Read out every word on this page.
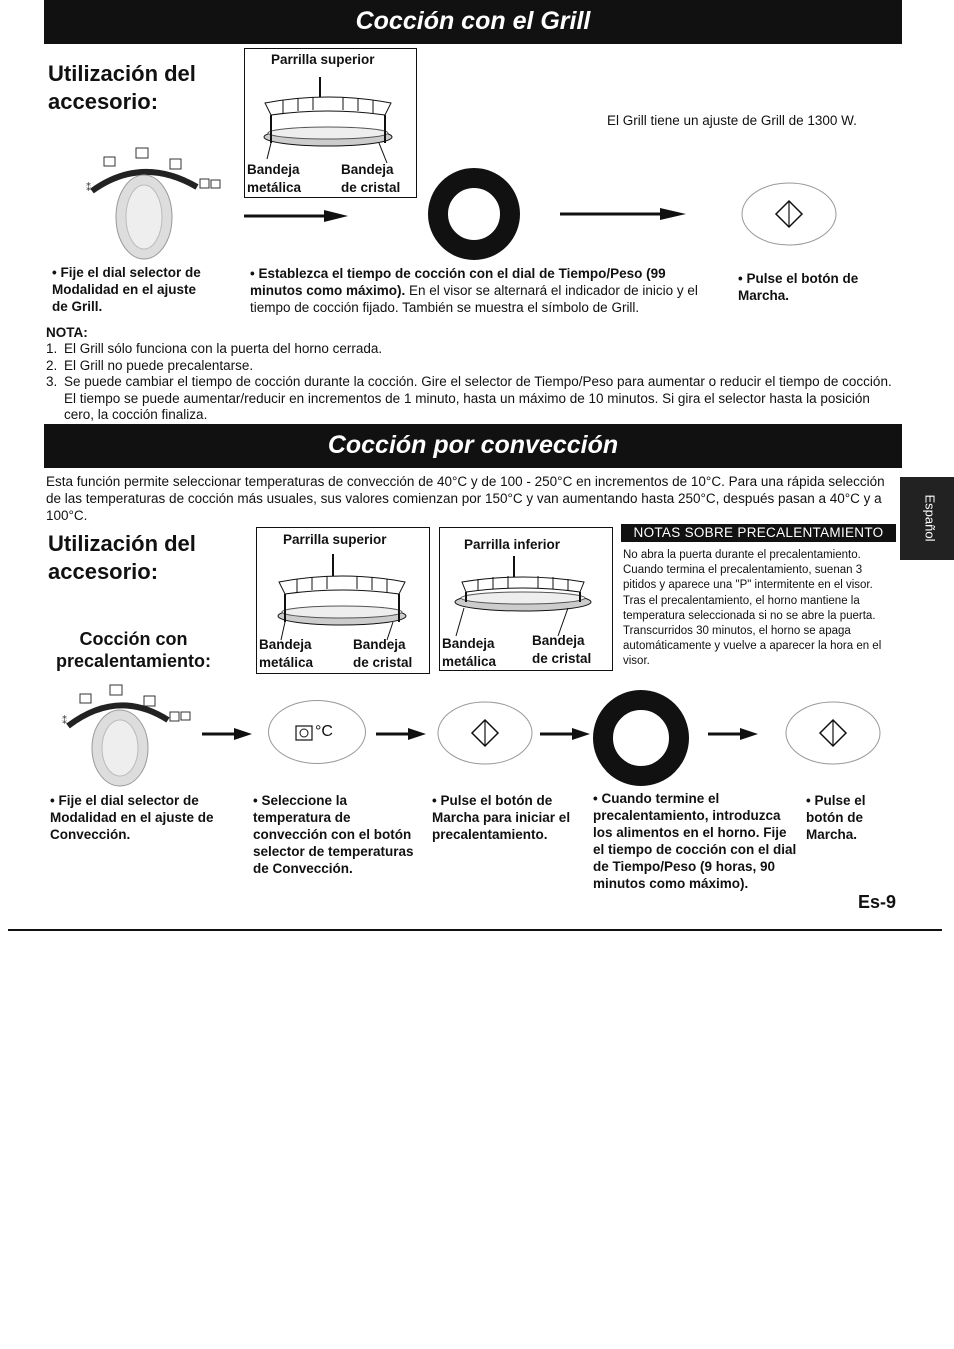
Cocción con el Grill
Utilización del accesorio:
⁑
Parrilla superior
Bandeja
metálica
Bandeja
de cristal
El Grill tiene un ajuste de Grill de 1300 W.
• Fije el dial selector de Modalidad en el ajuste de Grill.
• Establezca el tiempo de cocción con el dial de Tiempo/Peso (99 minutos como máximo). En el visor se alternará el indicador de inicio y el tiempo de cocción fijado. También se muestra el símbolo de Grill.
• Pulse el botón de Marcha.
NOTA:
1. El Grill sólo funciona con la puerta del horno cerrada.
2. El Grill no puede precalentarse.
3. Se puede cambiar el tiempo de cocción durante la cocción. Gire el selector de Tiempo/Peso para aumentar o reducir el tiempo de cocción. El tiempo se puede aumentar/reducir en incrementos de 1 minuto, hasta un máximo de 10 minutos. Si gira el selector hasta la posición cero, la cocción finaliza.
Cocción por convección
Esta función permite seleccionar temperaturas de convección de 40°C y de 100 - 250°C en incrementos de 10°C. Para una rápida selección de las temperaturas de cocción más usuales, sus valores comienzan por 150°C y van aumentando hasta 250°C, después pasan a 40°C y a 100°C.	Español
Utilización del accesorio:
Cocción con precalentamiento:
Parrilla superior
Bandeja
metálica
Bandeja
de cristal
Parrilla inferior
Bandeja
metálica
Bandeja
de cristal
NOTAS SOBRE PRECALENTAMIENTO
No abra la puerta durante el precalentamiento. Cuando termina el precalentamiento, suenan 3 pitidos y aparece una "P" intermitente en el visor. Tras el precalentamiento, el horno mantiene la temperatura seleccionada si no se abre la puerta. Transcurridos 30 minutos, el horno se apaga automáticamente y vuelve a aparecer la hora en el visor.
⁑
°C
• Fije el dial selector de Modalidad en el ajuste de Convección.
• Seleccione la temperatura de convección con el botón selector de temperaturas de Convección.
• Pulse el botón de Marcha para iniciar el precalentamiento.
• Cuando termine el precalentamiento, introduzca los alimentos en el horno. Fije el tiempo de cocción con el dial de Tiempo/Peso (9 horas, 90 minutos como máximo).
• Pulse el botón de Marcha.
Es-9
